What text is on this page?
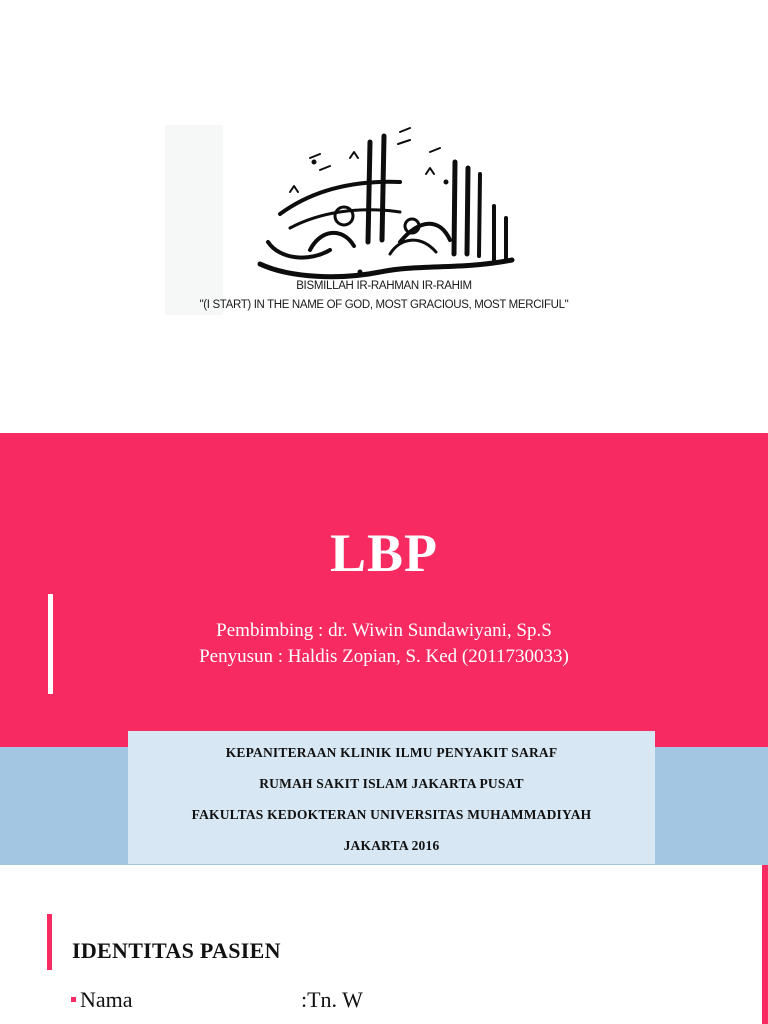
BISMILLAH IR-RAHMAN IR-RAHIM
"(I START) IN THE NAME OF GOD, MOST GRACIOUS, MOST MERCIFUL"
LBP
Pembimbing : dr. Wiwin Sundawiyani, Sp.S
Penyusun : Haldis Zopian, S. Ked (2011730033)
KEPANITERAAN KLINIK ILMU PENYAKIT SARAF
RUMAH SAKIT ISLAM JAKARTA PUSAT
FAKULTAS KEDOKTERAN UNIVERSITAS MUHAMMADIYAH
JAKARTA 2016
IDENTITAS PASIEN
Nama	:Tn. W
